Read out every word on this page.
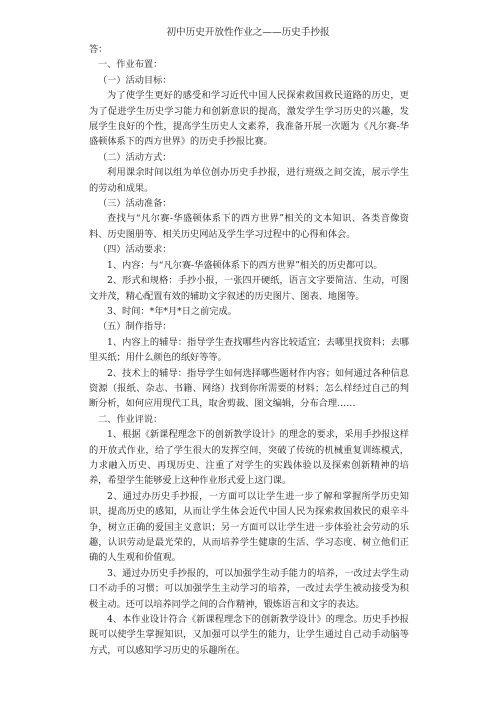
初中历史开放性作业之——历史手抄报

答：

一、作业布置：

（一）活动目标：

为了使学生更好的感受和学习近代中国人民探索救国救民道路的历史，更为了促进学生历史学习能力和创新意识的提高，激发学生学习历史的兴趣，发展学生良好的个性，提高学生历史人文素养，我准备开展一次题为《凡尔赛-华盛顿体系下的西方世界》的历史手抄报比赛。

（二）活动方式：

利用课余时间以组为单位创办历史手抄报，进行班级之间交流，展示学生的劳动和成果。

（三）活动准备：

查找与“凡尔赛-华盛顿体系下的西方世界”相关的文本知识、各类音像资料、历史图册等、相关历史网站及学生学习过程中的心得和体会。

（四）活动要求：

1、内容：与“凡尔赛-华盛顿体系下的西方世界”相关的历史都可以。

2、形式和规格：手抄小报，一张四开硬纸，语言文字要简洁、生动，可图文并茂，精心配置有效的辅助文字叙述的历史图片、图表、地图等。

3、时间：*年*月*日之前完成。

（五）制作指导：

1、内容上的辅导：指导学生查找哪些内容比较适宜；去哪里找资料；去哪里买纸；用什么颜色的纸好等等。

2、技术上的辅导：指导学生如何选择哪些题材作内容；如何通过各种信息资源（报纸、杂志、书籍、网络）找到你所需要的材料；怎么样经过自己的判断分析，如何应用现代工具，取舍剪裁、图文编辑，分布合理……

二、作业评说：

1、根据《新课程理念下的创新教学设计》的理念的要求，采用手抄报这样的开放式作业，给了学生很大的发挥空间，突破了传统的机械重复训练模式，力求融入历史、再现历史、注重了对学生的实践体验以及探索创新精神的培养，希望学生能够爱上这种作业形式爱上这门课。

2、通过办历史手抄报，一方面可以让学生进一步了解和掌握所学历史知识，提高历史的感知，从而让学生体会近代中国人民为探索救国救民的艰辛斗争，树立正确的爱国主义意识；另一方面可以让学生进一步体验社会劳动的乐趣，认识劳动是最光荣的，从而培养学生健康的生活、学习态度、树立他们正确的人生观和价值观。

3、通过办历史手抄报的，可以加强学生动手能力的培养，一改过去学生动口不动手的习惯；可以加强学生主动学习的培养，一改过去学生被动接受为积极主动。还可以培养同学之间的合作精神，锻炼语言和文字的表达。

4、本作业设计符合《新课程理念下的创新教学设计》的理念。历史手抄报既可以使学生掌握知识，又加强可以学生的能力，让学生通过自己动手动脑等方式，可以感知学习历史的乐趣所在。
